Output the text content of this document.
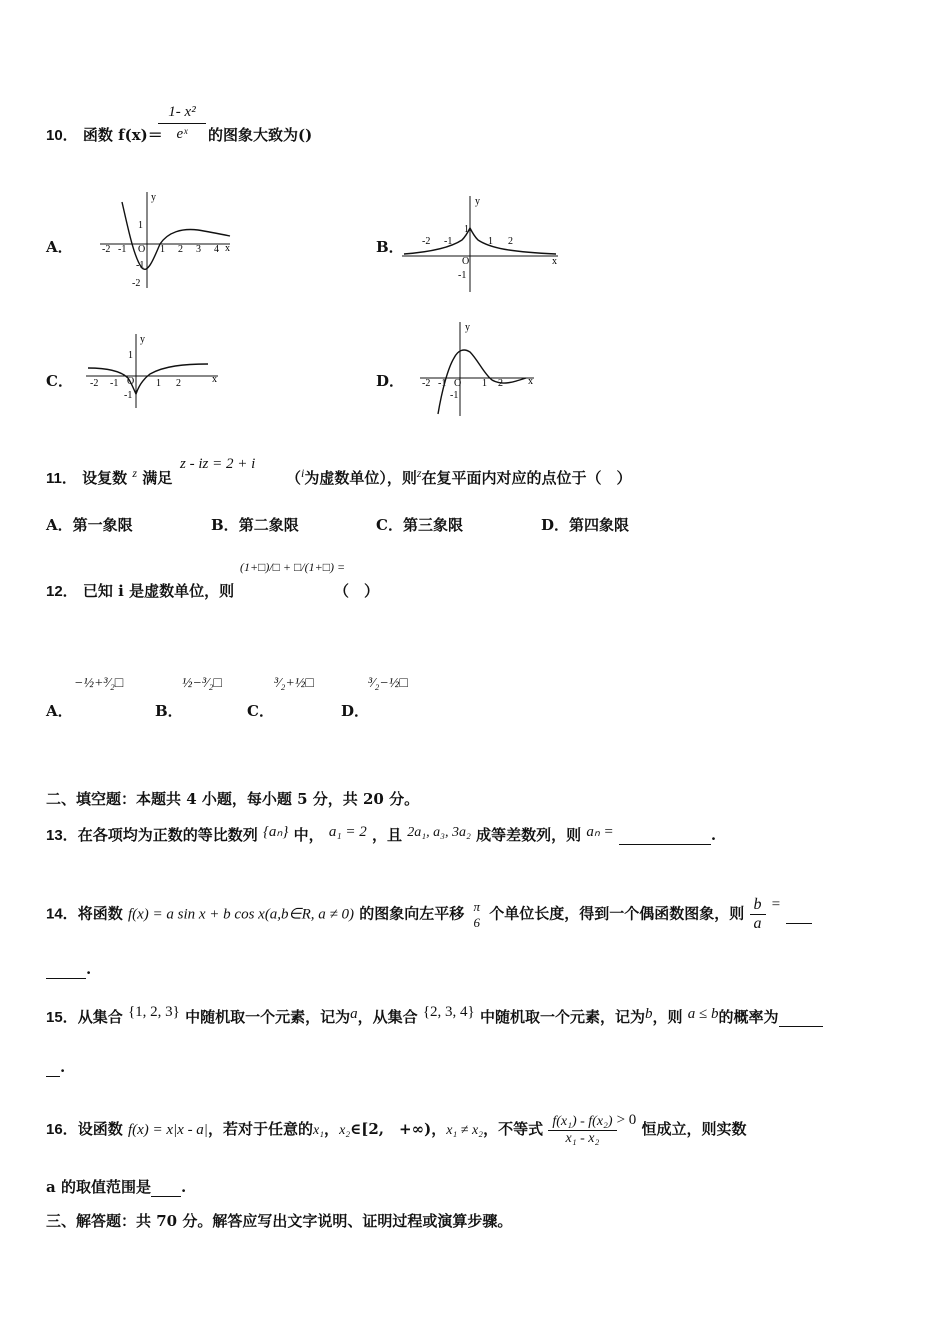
10． 函数 f(x)＝
$\frac{\text{1- x²}}{\text{eˣ}}$ 的图象大致为()
A．	B．
C．	D．
y
x
O
-2 -1	1 2 3 4
1
-1
-2
y
x
O
-2 -1	1 2
1
-1
y
x
O
-2 -1	1 2
1
-1
y
x
O
-2 -1	1 2
-1
11． 设复数 $^z$ 满足
z - iz = 2 + i
（$^i$为虚数单位），则$^z$在复平面内对应的点位于（　）
A．第一象限	B．第二象限	C．第三象限	D．第四象限
12． 已知 i 是虚数单位，则
(1+□)/□ + □/(1+□) =
（　）
A．
−½+³⁄₂□
B．
½−³⁄₂□
C．
³⁄₂+½□
D．
³⁄₂−½□
二、填空题：本题共 4 小题，每小题 5 分，共 20 分。
13．在各项均为正数的等比数列 {aₙ} 中， a₁ = 2 ，且 2a₁, a₃, 3a₂ 成等差数列，则 aₙ =	.
14．将函数 f(x) = a sin x + b cos x(a,b∈R, a ≠ 0) 的图象向左平移 π
6 个单位长度，得到一个偶函数图象，则 $\frac{b}{a}$ =
.
15．从集合 {1, 2, 3} 中随机取一个元素，记为a，从集合 {2, 3, 4} 中随机取一个元素，记为b，则 a ≤ b的概率为
.
16．设函数 f(x) = x|x - a|，若对于任意的x₁，x₂∈[2,　+∞)，x₁ ≠ x₂，不等式 $\frac{\text{f(x₁) - f(x₂)}}{\text{x₁ - x₂}} > 0$ 恒成立，则实数
a 的取值范围是 .
三、解答题：共 70 分。解答应写出文字说明、证明过程或演算步骤。
